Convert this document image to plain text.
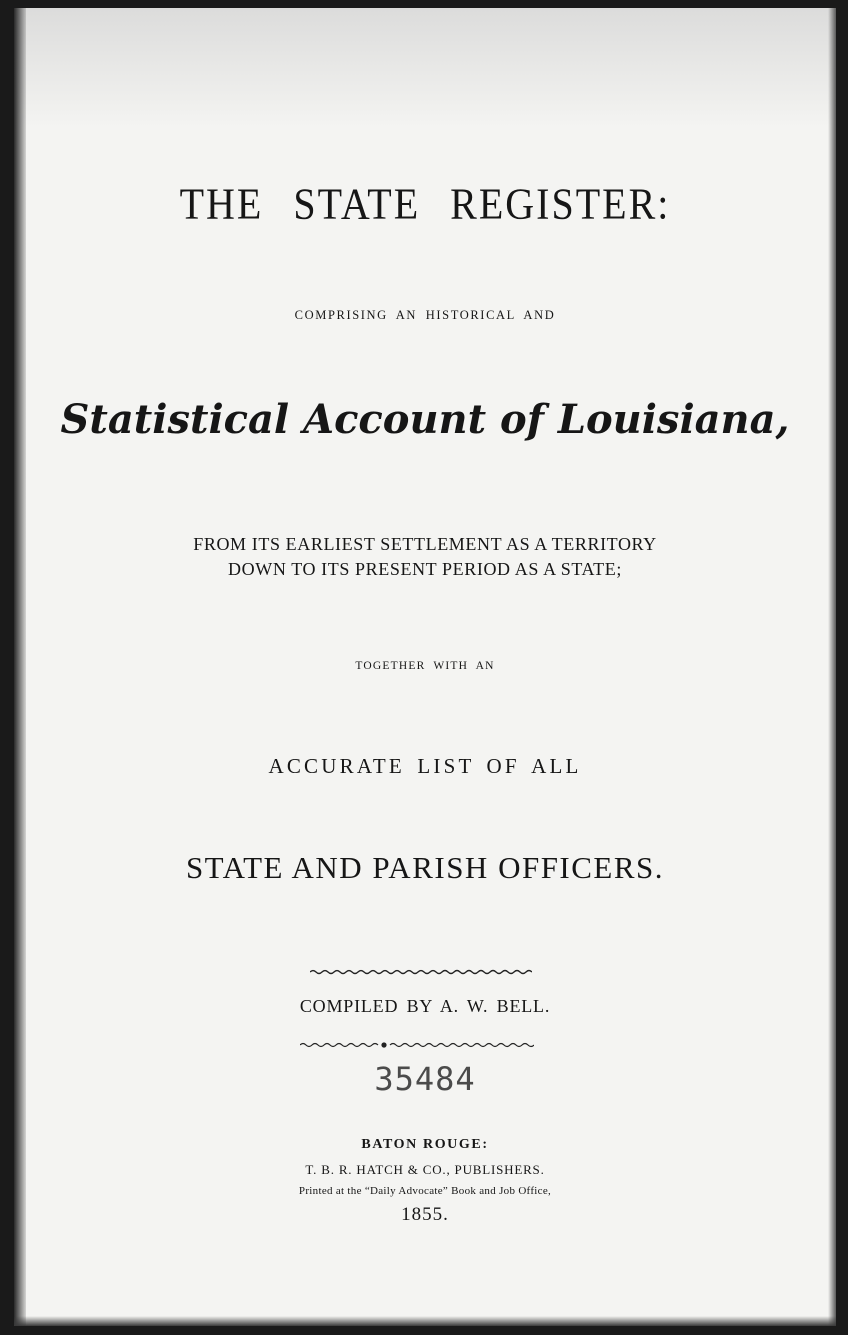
THE STATE REGISTER:
COMPRISING AN HISTORICAL AND
Statistical Account of Louisiana,
FROM ITS EARLIEST SETTLEMENT AS A TERRITORY
DOWN TO ITS PRESENT PERIOD AS A STATE;
TOGETHER WITH AN
ACCURATE LIST OF ALL
STATE AND PARISH OFFICERS.
COMPILED BY A. W. BELL.
35484
BATON ROUGE:
T. B. R. HATCH & CO., PUBLISHERS.
Printed at the “Daily Advocate” Book and Job Office,
1855.
